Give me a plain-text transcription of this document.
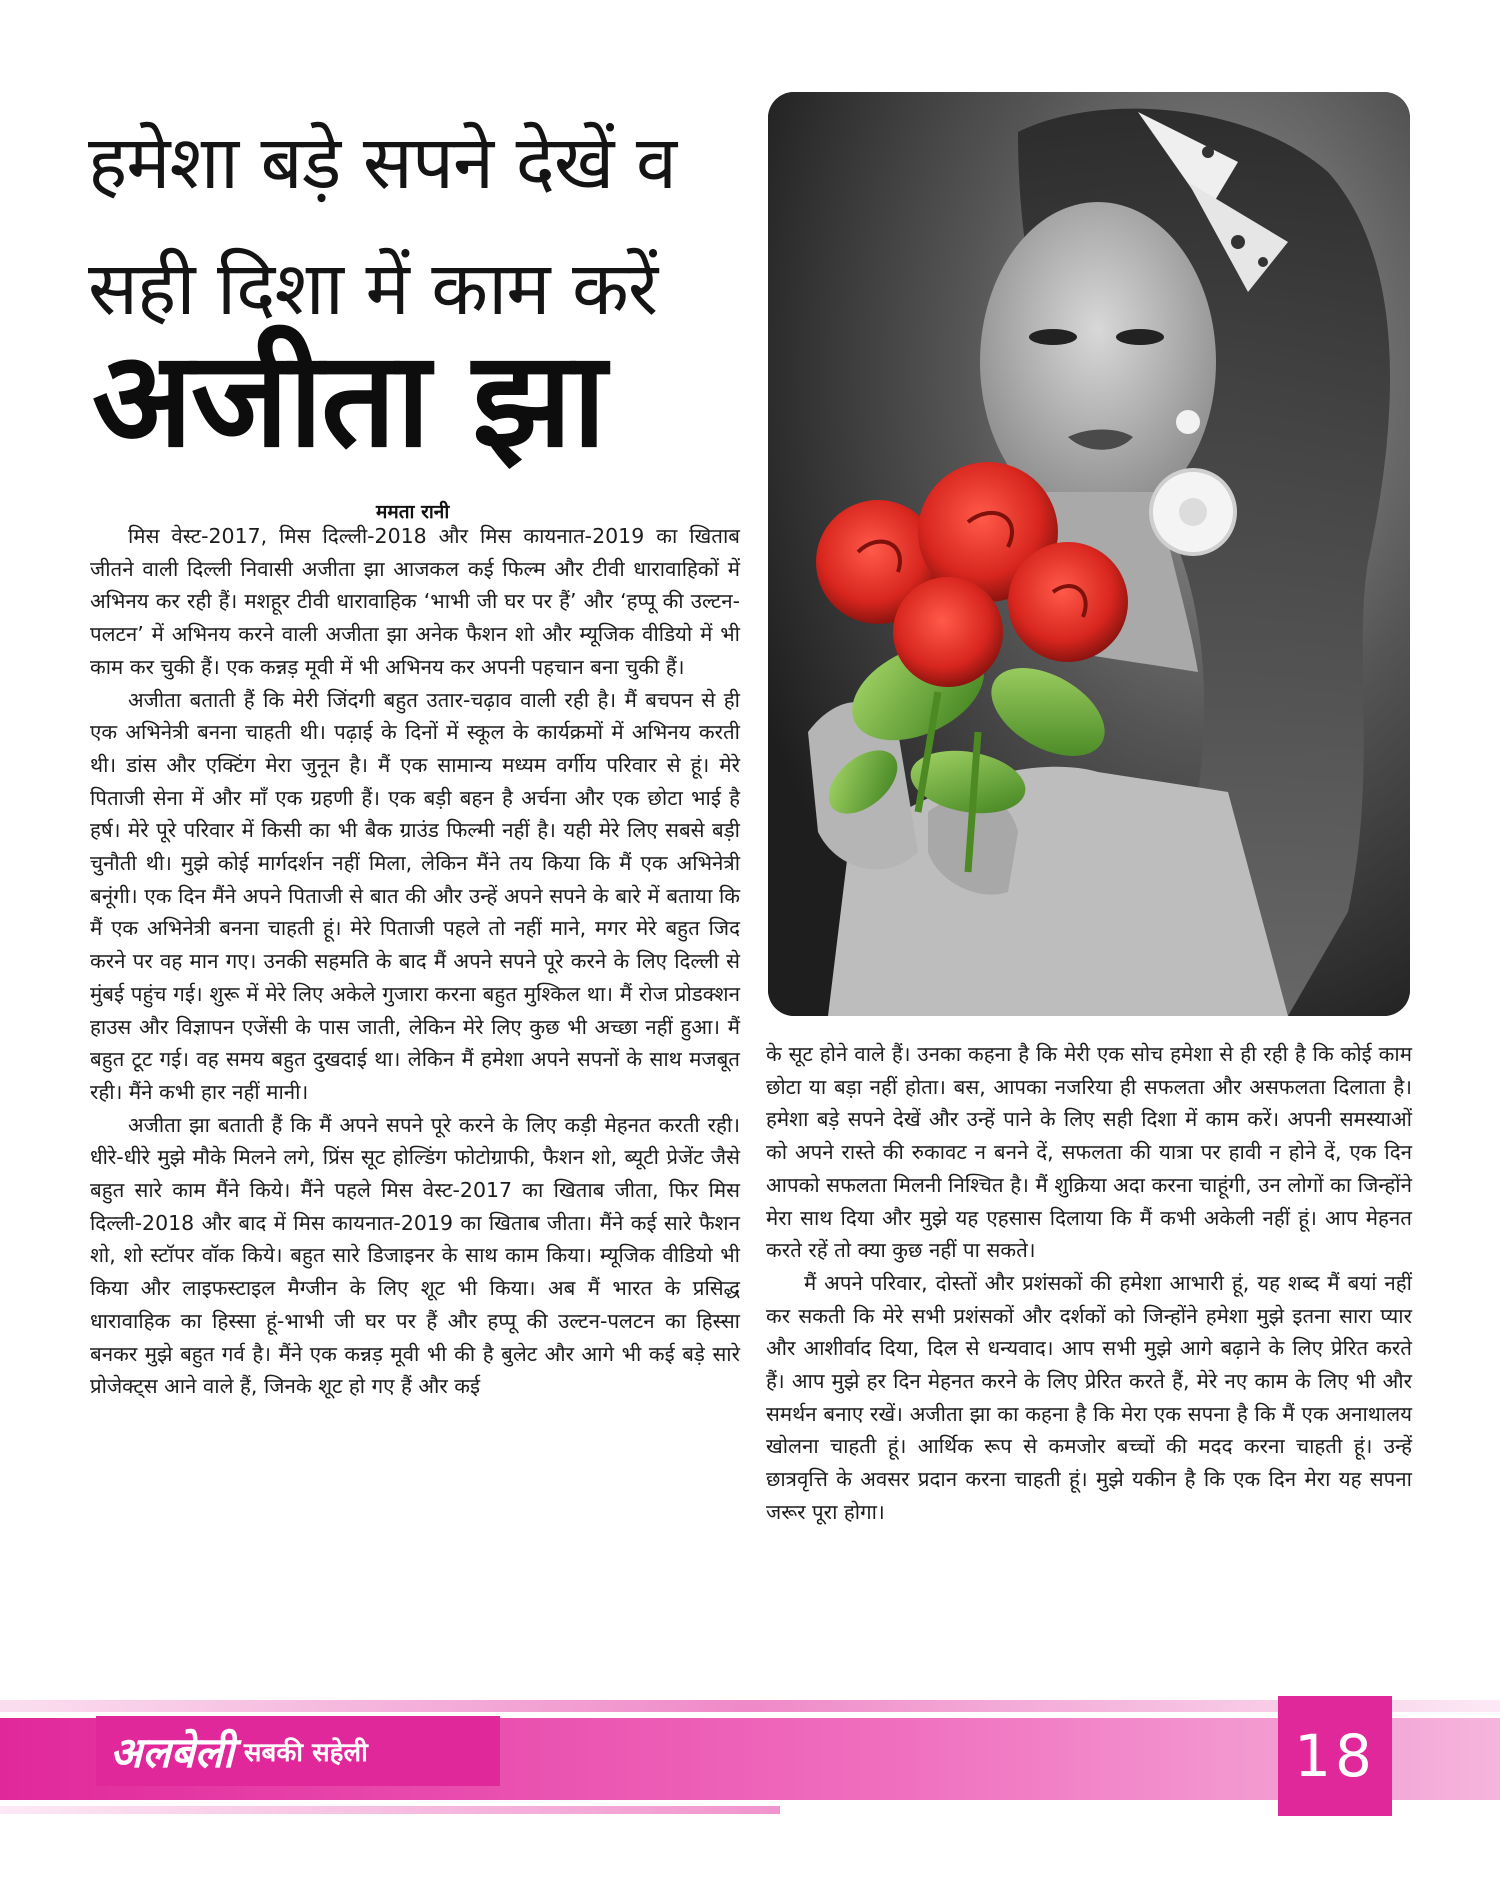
हमेशा बड़े सपने देखें व
सही दिशा में काम करें
अजीता झा
ममता रानी

मिस वेस्ट-2017, मिस दिल्ली-2018 और मिस कायनात-2019 का खिताब जीतने वाली दिल्ली निवासी अजीता झा आजकल कई फिल्म और टीवी धारावाहिकों में अभिनय कर रही हैं। मशहूर टीवी धारावाहिक ‘भाभी जी घर पर हैं’ और ‘हप्पू की उल्टन-पलटन’ में अभिनय करने वाली अजीता झा अनेक फैशन शो और म्यूजिक वीडियो में भी काम कर चुकी हैं। एक कन्नड़ मूवी में भी अभिनय कर अपनी पहचान बना चुकी हैं।

अजीता बताती हैं कि मेरी जिंदगी बहुत उतार-चढ़ाव वाली रही है। मैं बचपन से ही एक अभिनेत्री बनना चाहती थी। पढ़ाई के दिनों में स्कूल के कार्यक्रमों में अभिनय करती थी। डांस और एक्टिंग मेरा जुनून है। मैं एक सामान्य मध्यम वर्गीय परिवार से हूं। मेरे पिताजी सेना में और माँ एक ग्रहणी हैं। एक बड़ी बहन है अर्चना और एक छोटा भाई है हर्ष। मेरे पूरे परिवार में किसी का भी बैक ग्राउंड फिल्मी नहीं है। यही मेरे लिए सबसे बड़ी चुनौती थी। मुझे कोई मार्गदर्शन नहीं मिला, लेकिन मैंने तय किया कि मैं एक अभिनेत्री बनूंगी। एक दिन मैंने अपने पिताजी से बात की और उन्हें अपने सपने के बारे में बताया कि मैं एक अभिनेत्री बनना चाहती हूं। मेरे पिताजी पहले तो नहीं माने, मगर मेरे बहुत जिद करने पर वह मान गए। उनकी सहमति के बाद मैं अपने सपने पूरे करने के लिए दिल्ली से मुंबई पहुंच गई। शुरू में मेरे लिए अकेले गुजारा करना बहुत मुश्किल था। मैं रोज प्रोडक्शन हाउस और विज्ञापन एजेंसी के पास जाती, लेकिन मेरे लिए कुछ भी अच्छा नहीं हुआ। मैं बहुत टूट गई। वह समय बहुत दुखदाई था। लेकिन मैं हमेशा अपने सपनों के साथ मजबूत रही। मैंने कभी हार नहीं मानी।

अजीता झा बताती हैं कि मैं अपने सपने पूरे करने के लिए कड़ी मेहनत करती रही। धीरे-धीरे मुझे मौके मिलने लगे, प्रिंस सूट होल्डिंग फोटोग्राफी, फैशन शो, ब्यूटी प्रेजेंट जैसे बहुत सारे काम मैंने किये। मैंने पहले मिस वेस्ट-2017 का खिताब जीता, फिर मिस दिल्ली-2018 और बाद में मिस कायनात-2019 का खिताब जीता। मैंने कई सारे फैशन शो, शो स्टॉपर वॉक किये। बहुत सारे डिजाइनर के साथ काम किया। म्यूजिक वीडियो भी किया और लाइफस्टाइल मैग्जीन के लिए शूट भी किया। अब मैं भारत के प्रसिद्ध धारावाहिक का हिस्सा हूं-भाभी जी घर पर हैं और हप्पू की उल्टन-पलटन का हिस्सा बनकर मुझे बहुत गर्व है। मैंने एक कन्नड़ मूवी भी की है बुलेट और आगे भी कई बड़े सारे प्रोजेक्ट्स आने वाले हैं, जिनके शूट हो गए हैं और कई

के सूट होने वाले हैं। उनका कहना है कि मेरी एक सोच हमेशा से ही रही है कि कोई काम छोटा या बड़ा नहीं होता। बस, आपका नजरिया ही सफलता और असफलता दिलाता है। हमेशा बड़े सपने देखें और उन्हें पाने के लिए सही दिशा में काम करें। अपनी समस्याओं को अपने रास्ते की रुकावट न बनने दें, सफलता की यात्रा पर हावी न होने दें, एक दिन आपको सफलता मिलनी निश्चित है। मैं शुक्रिया अदा करना चाहूंगी, उन लोगों का जिन्होंने मेरा साथ दिया और मुझे यह एहसास दिलाया कि मैं कभी अकेली नहीं हूं। आप मेहनत करते रहें तो क्या कुछ नहीं पा सकते।

मैं अपने परिवार, दोस्तों और प्रशंसकों की हमेशा आभारी हूं, यह शब्द मैं बयां नहीं कर सकती कि मेरे सभी प्रशंसकों और दर्शकों को जिन्होंने हमेशा मुझे इतना सारा प्यार और आशीर्वाद दिया, दिल से धन्यवाद। आप सभी मुझे आगे बढ़ाने के लिए प्रेरित करते हैं। आप मुझे हर दिन मेहनत करने के लिए प्रेरित करते हैं, मेरे नए काम के लिए भी और समर्थन बनाए रखें। अजीता झा का कहना है कि मेरा एक सपना है कि मैं एक अनाथालय खोलना चाहती हूं। आर्थिक रूप से कमजोर बच्चों की मदद करना चाहती हूं। उन्हें छात्रवृत्ति के अवसर प्रदान करना चाहती हूं। मुझे यकीन है कि एक दिन मेरा यह सपना जरूर पूरा होगा।

अलबेली सबकी सहेली	18
